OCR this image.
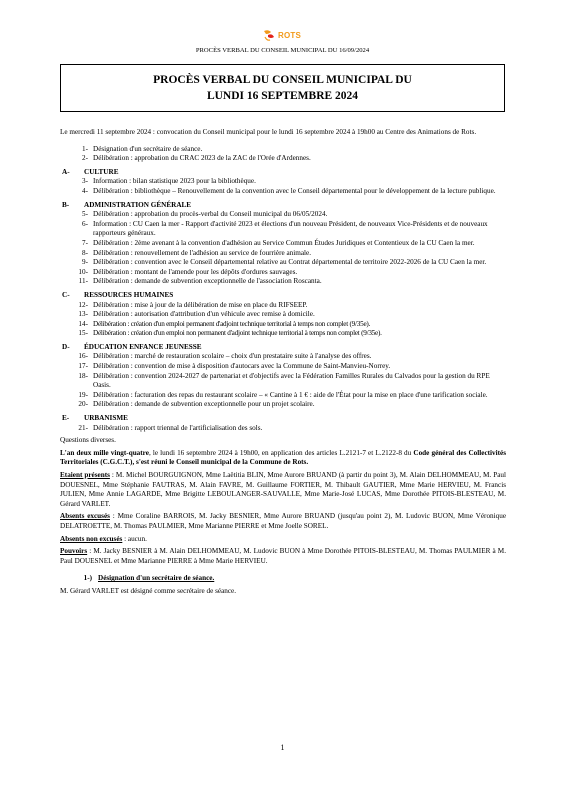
ROTS
PROCÈS VERBAL DU CONSEIL MUNICIPAL DU 16/09/2024
PROCÈS VERBAL DU CONSEIL MUNICIPAL DU
LUNDI 16 SEPTEMBRE 2024

Le mercredi 11 septembre 2024 : convocation du Conseil municipal pour le lundi 16 septembre 2024 à 19h00 au Centre des Animations de Rots.

1- Désignation d'un secrétaire de séance.
2- Délibération : approbation du CRAC 2023 de la ZAC de l'Orée d'Ardennes.
A-	CULTURE
3- Information : bilan statistique 2023 pour la bibliothèque.
4- Délibération : bibliothèque – Renouvellement de la convention avec le Conseil départemental pour le développement de la lecture publique.
B-	ADMINISTRATION GÉNÉRALE
5- Délibération : approbation du procès-verbal du Conseil municipal du 06/05/2024.
6- Information : CU Caen la mer - Rapport d'activité 2023 et élections d'un nouveau Président, de nouveaux Vice-Présidents et de nouveaux rapporteurs généraux.
7- Délibération : 2ème avenant à la convention d'adhésion au Service Commun Études Juridiques et Contentieux de la CU Caen la mer.
8- Délibération : renouvellement de l'adhésion au service de fourrière animale.
9- Délibération : convention avec le Conseil départemental relative au Contrat départemental de territoire 2022-2026 de la CU Caen la mer.
10- Délibération : montant de l'amende pour les dépôts d'ordures sauvages.
11- Délibération : demande de subvention exceptionnelle de l'association Roscanta.
C-	RESSOURCES HUMAINES
12- Délibération : mise à jour de la délibération de mise en place du RIFSEEP.
13- Délibération : autorisation d'attribution d'un véhicule avec remise à domicile.
14- Délibération : création d'un emploi permanent d'adjoint technique territorial à temps non complet (9/35e).
15- Délibération : création d'un emploi non permanent d'adjoint technique territorial à temps non complet (9/35e).
D-	ÉDUCATION ENFANCE JEUNESSE
16- Délibération : marché de restauration scolaire – choix d'un prestataire suite à l'analyse des offres.
17- Délibération : convention de mise à disposition d'autocars avec la Commune de Saint-Manvieu-Norrey.
18- Délibération : convention 2024-2027 de partenariat et d'objectifs avec la Fédération Familles Rurales du Calvados pour la gestion du RPE Oasis.
19- Délibération : facturation des repas du restaurant scolaire – « Cantine à 1 € : aide de l'État pour la mise en place d'une tarification sociale.
20- Délibération : demande de subvention exceptionnelle pour un projet scolaire.
E-	URBANISME
21- Délibération : rapport triennal de l'artificialisation des sols.

Questions diverses.

L'an deux mille vingt-quatre, le lundi 16 septembre 2024 à 19h00, en application des articles L.2121-7 et L.2122-8 du Code général des Collectivités Territoriales (C.G.C.T.), s'est réuni le Conseil municipal de la Commune de Rots.

Etaient présents : M. Michel BOURGUIGNON, Mme Laëtitia BLIN, Mme Aurore BRUAND (à partir du point 3), M. Alain DELHOMMEAU, M. Paul DOUESNEL, Mme Stéphanie FAUTRAS, M. Alain FAVRE, M. Guillaume FORTIER, M. Thibault GAUTIER, Mme Marie HERVIEU, M. Francis JULIEN, Mme Annie LAGARDE, Mme Brigitte LEBOULANGER-SAUVALLE, Mme Marie-José LUCAS, Mme Dorothée PITOIS-BLESTEAU, M. Gérard VARLET.

Absents excusés : Mme Coraline BARROIS, M. Jacky BESNIER, Mme Aurore BRUAND (jusqu'au point 2), M. Ludovic BUON, Mme Véronique DELATROETTE, M. Thomas PAULMIER, Mme Marianne PIERRE et Mme Joelle SOREL.

Absents non excusés : aucun.

Pouvoirs : M. Jacky BESNIER à M. Alain DELHOMMEAU, M. Ludovic BUON à Mme Dorothée PITOIS-BLESTEAU, M. Thomas PAULMIER à M. Paul DOUESNEL et Mme Marianne PIERRE à Mme Marie HERVIEU.

1-) Désignation d'un secrétaire de séance.

M. Gérard VARLET est désigné comme secrétaire de séance.

1
